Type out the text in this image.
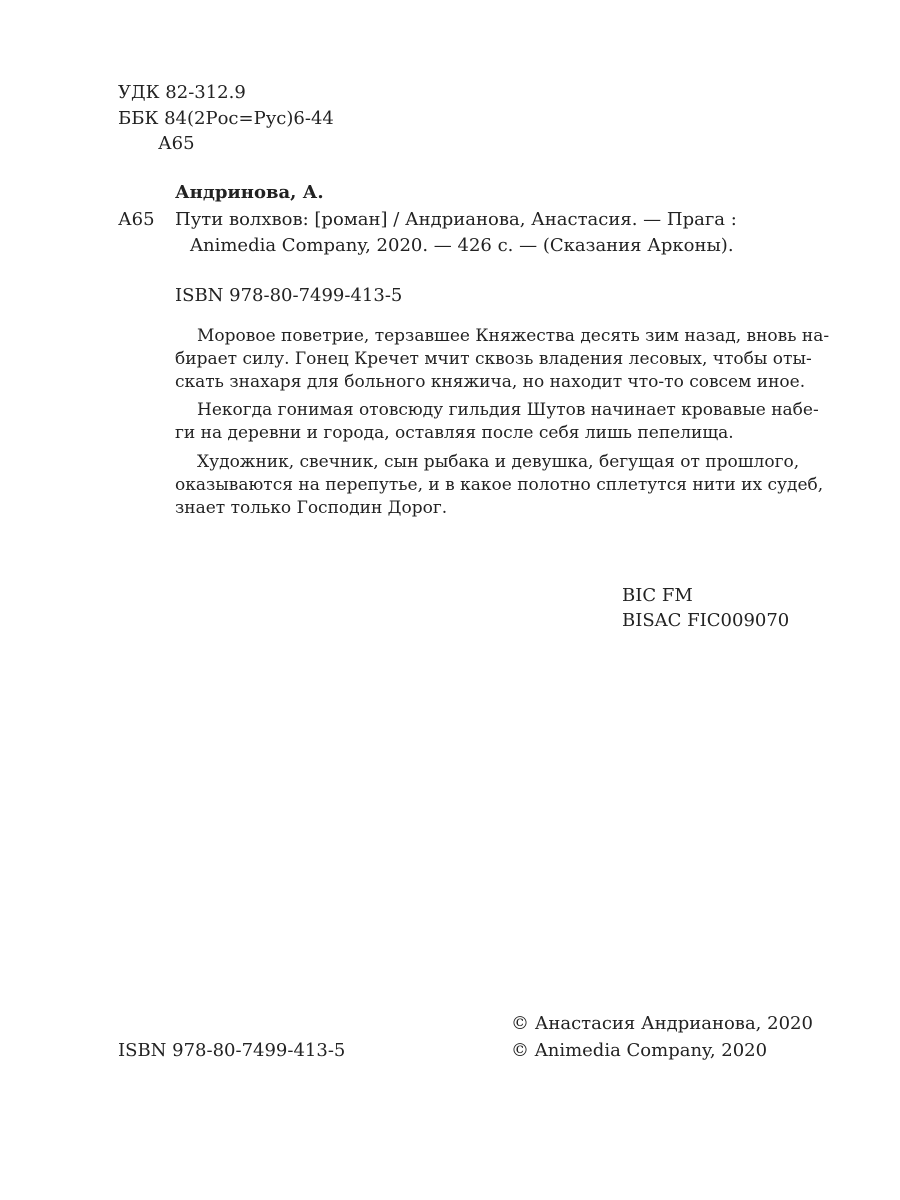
УДК 82-312.9
ББК 84(2Рос=Рус)6-44
А65
Андринова, А.
А65 Пути волхвов: [роман] / Андрианова, Анастасия. — Прага :
Animedia Company, 2020. — 426 с. — (Сказания Арконы).
ISBN 978-80-7499-413-5
Моровое поветрие, терзавшее Княжества десять зим назад, вновь на-
бирает силу. Гонец Кречет мчит сквозь владения лесовых, чтобы оты-
скать знахаря для больного княжича, но находит что-то совсем иное.
Некогда гонимая отовсюду гильдия Шутов начинает кровавые набе-
ги на деревни и города, оставляя после себя лишь пепелища.
Художник, свечник, сын рыбака и девушка, бегущая от прошлого,
оказываются на перепутье, и в какое полотно сплетутся нити их судеб,
знает только Господин Дорог.
BIC FM
BISAC FIC009070
© Анастасия Андрианова, 2020
ISBN 978-80-7499-413-5	© Animedia Company, 2020
